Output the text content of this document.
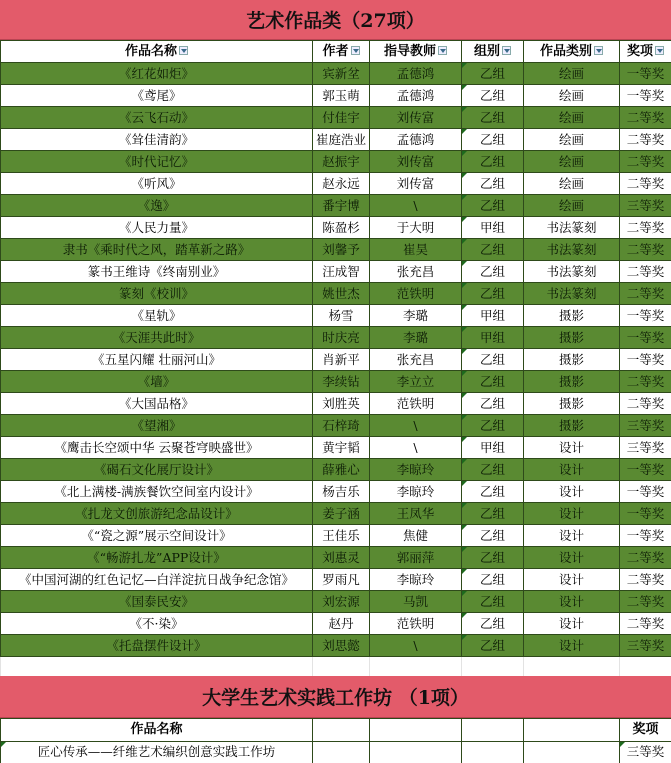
艺术作品类（27项）
作品名称	作者	指导教师	组别	作品类别	奖项
《红花如炬》	宾新坌	孟德鸿	乙组	绘画	一等奖
《鸢尾》	郭玉萌	孟德鸿	乙组	绘画	一等奖
《云飞石动》	付佳宇	刘传富	乙组	绘画	二等奖
《耸佳清韵》	崔庭浩业	孟德鸿	乙组	绘画	二等奖
《时代记忆》	赵振宇	刘传富	乙组	绘画	二等奖
《听风》	赵永远	刘传富	乙组	绘画	二等奖
《逸》	番宇博	\	乙组	绘画	三等奖
《人民力量》	陈盈杉	于大明	甲组	书法篆刻	二等奖
隶书《乘时代之风，踏革新之路》	刘馨予	崔昊	乙组	书法篆刻	二等奖
篆书王维诗《终南别业》	汪成智	张充昌	乙组	书法篆刻	二等奖
篆刻《校训》	姚世杰	范铁明	乙组	书法篆刻	二等奖
《星轨》	杨雪	李璐	甲组	摄影	一等奖
《天涯共此时》	时庆亮	李璐	甲组	摄影	一等奖
《五星闪耀 壮丽河山》	肖新平	张充昌	乙组	摄影	一等奖
《墙》	李续钻	李立立	乙组	摄影	二等奖
《大国品格》	刘胜英	范铁明	乙组	摄影	二等奖
《望湘》	石梓琦	\	乙组	摄影	三等奖
《鹰击长空颂中华 云聚苍穹映盛世》	黄宇韬	\	甲组	设计	三等奖
《碣石文化展厅设计》	薛雅心	李晾玲	乙组	设计	一等奖
《北上满楼-满族餐饮空间室内设计》	杨吉乐	李晾玲	乙组	设计	一等奖
《扎龙文创旅游纪念品设计》	姜子涵	王凤华	乙组	设计	一等奖
《“瓷之源”展示空间设计》	王佳乐	焦健	乙组	设计	一等奖
《“畅游扎龙”APP设计》	刘惠灵	郭丽萍	乙组	设计	二等奖
《中国河湖的红色记忆—白洋淀抗日战争纪念馆》	罗雨凡	李晾玲	乙组	设计	二等奖
《国泰民安》	刘宏源	马凯	乙组	设计	二等奖
《不·染》	赵丹	范铁明	乙组	设计	二等奖
《托盘摆件设计》	刘思懿	\	乙组	设计	三等奖

大学生艺术实践工作坊 （1项）
作品名称					奖项
匠心传承——纤维艺术编织创意实践工作坊					三等奖
